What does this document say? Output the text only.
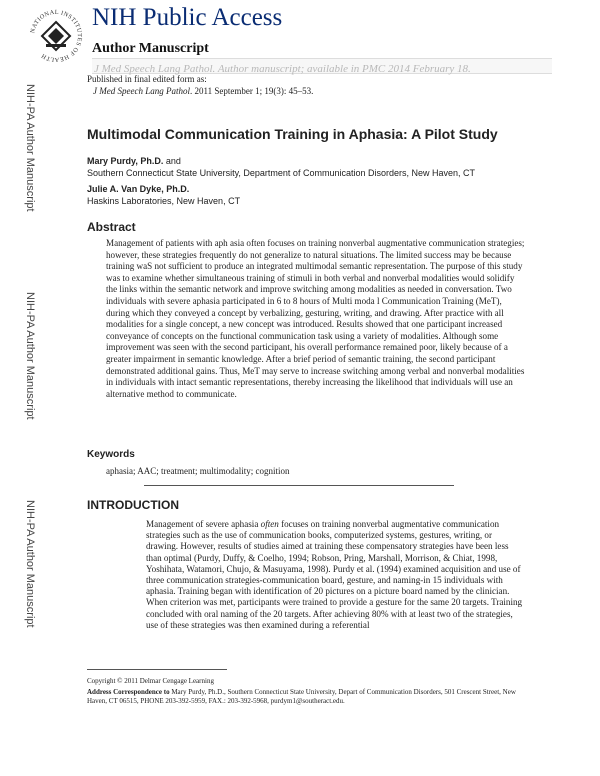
NATIONAL INSTITUTES OF HEALTH
NIH Public Access
Author Manuscript
J Med Speech Lang Pathol. Author manuscript; available in PMC 2014 February 18.
Published in final edited form as:
J Med Speech Lang Pathol. 2011 September 1; 19(3): 45–53.
NIH-PA Author Manuscript
NIH-PA Author Manuscript
NIH-PA Author Manuscript
Multimodal Communication Training in Aphasia: A Pilot Study
Mary Purdy, Ph.D. and
Southern Connecticut State University, Department of Communication Disorders, New Haven, CT
Julie A. Van Dyke, Ph.D.
Haskins Laboratories, New Haven, CT
Abstract

Management of patients with aph asia often focuses on training nonverbal augmentative communication strategies; however, these strategies frequently do not generalize to natural situations. The limited success may be because training waS not sufficient to produce an integrated multimodal semantic representation. The purpose of this study was to examine whether simultaneous training of stimuli in both verbal and nonverbal modalities would solidify the links within the semantic network and improve switching among modalities as needed in conversation. Two individuals with severe aphasia participated in 6 to 8 hours of Multi moda l Communication Training (MeT), during which they conveyed a concept by verbalizing, gesturing, writing, and drawing. After practice with all modalities for a single concept, a new concept was introduced. Results showed that one participant increased conveyance of concepts on the functional communication task using a variety of modalities. Although some improvement was seen with the second participant, his overall performance remained poor, likely because of a greater impairment in semantic knowledge. After a brief period of semantic training, the second participant demonstrated additional gains. Thus, MeT may serve to increase switching among verbal and nonverbal modalities in individuals with intact semantic representations, thereby increasing the likelihood that individuals will use an alternative method to communicate.

Keywords
aphasia; AAC; treatment; multimodality; cognition
INTRODUCTION

Management of severe aphasia often focuses on training nonverbal augmentative communication strategies such as the use of communication books, computerized systems, gestures, writing, or drawing. However, results of studies aimed at training these compensatory strategies have been less than optimal (Purdy, Duffy, & Coelho, 1994; Robson, Pring, Marshall, Morrison, & Chiat, 1998, Yoshihata, Watamori, Chujo, & Masuyama, 1998). Purdy et al. (1994) examined acquisition and use of three communication strategies-communication board, gesture, and naming-in 15 individuals with aphasia. Training began with identification of 20 pictures on a picture board named by the clinician. When criterion was met, participants were trained to provide a gesture for the same 20 targets. Training concluded with oral naming of the 20 targets. After achieving 80% with at least two of the strategies, use of these strategies was then examined during a referential

Copyright © 2011 Delmar Cengage Learning

Address Correspondence to Mary Purdy, Ph.D., Southern Connecticut State University, Depart of Communication Disorders, 501 Crescent Street, New Haven, CT 06515, PHONE 203-392-5959, FAX.: 203-392-5968, purdym1@southeract.edu.
